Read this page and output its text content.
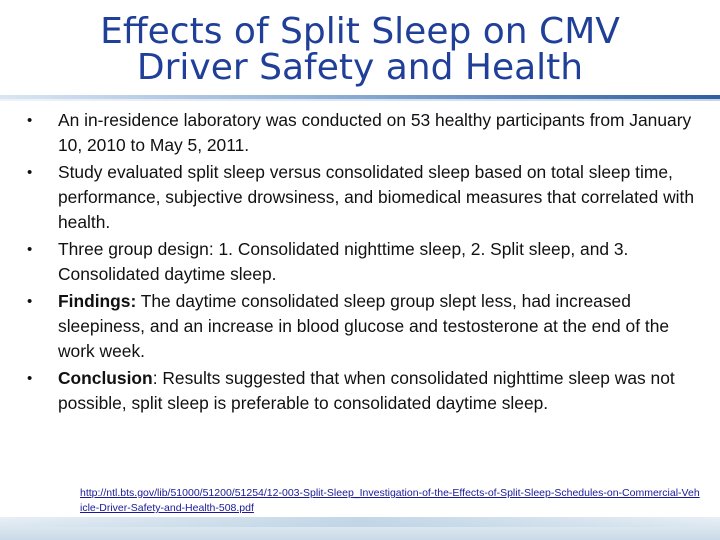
Effects of Split Sleep on CMV
Driver Safety and Health
•	An in-residence laboratory was conducted on 53 healthy participants from January 10, 2010 to May 5, 2011.
•	Study evaluated split sleep versus consolidated sleep based on total sleep time, performance, subjective drowsiness, and biomedical measures that correlated with health.
•	Three group design: 1. Consolidated nighttime sleep, 2. Split sleep, and 3. Consolidated daytime sleep.
•	Findings: The daytime consolidated sleep group slept less, had increased sleepiness, and an increase in blood glucose and testosterone at the end of the work week.
•	Conclusion: Results suggested that when consolidated nighttime sleep was not possible, split sleep is preferable to consolidated daytime sleep.
http://ntl.bts.gov/lib/51000/51200/51254/12-003-Split-Sleep_Investigation-of-the-Effects-of-Split-Sleep-Schedules-on-Commercial-Vehicle-Driver-Safety-and-Health-508.pdf
